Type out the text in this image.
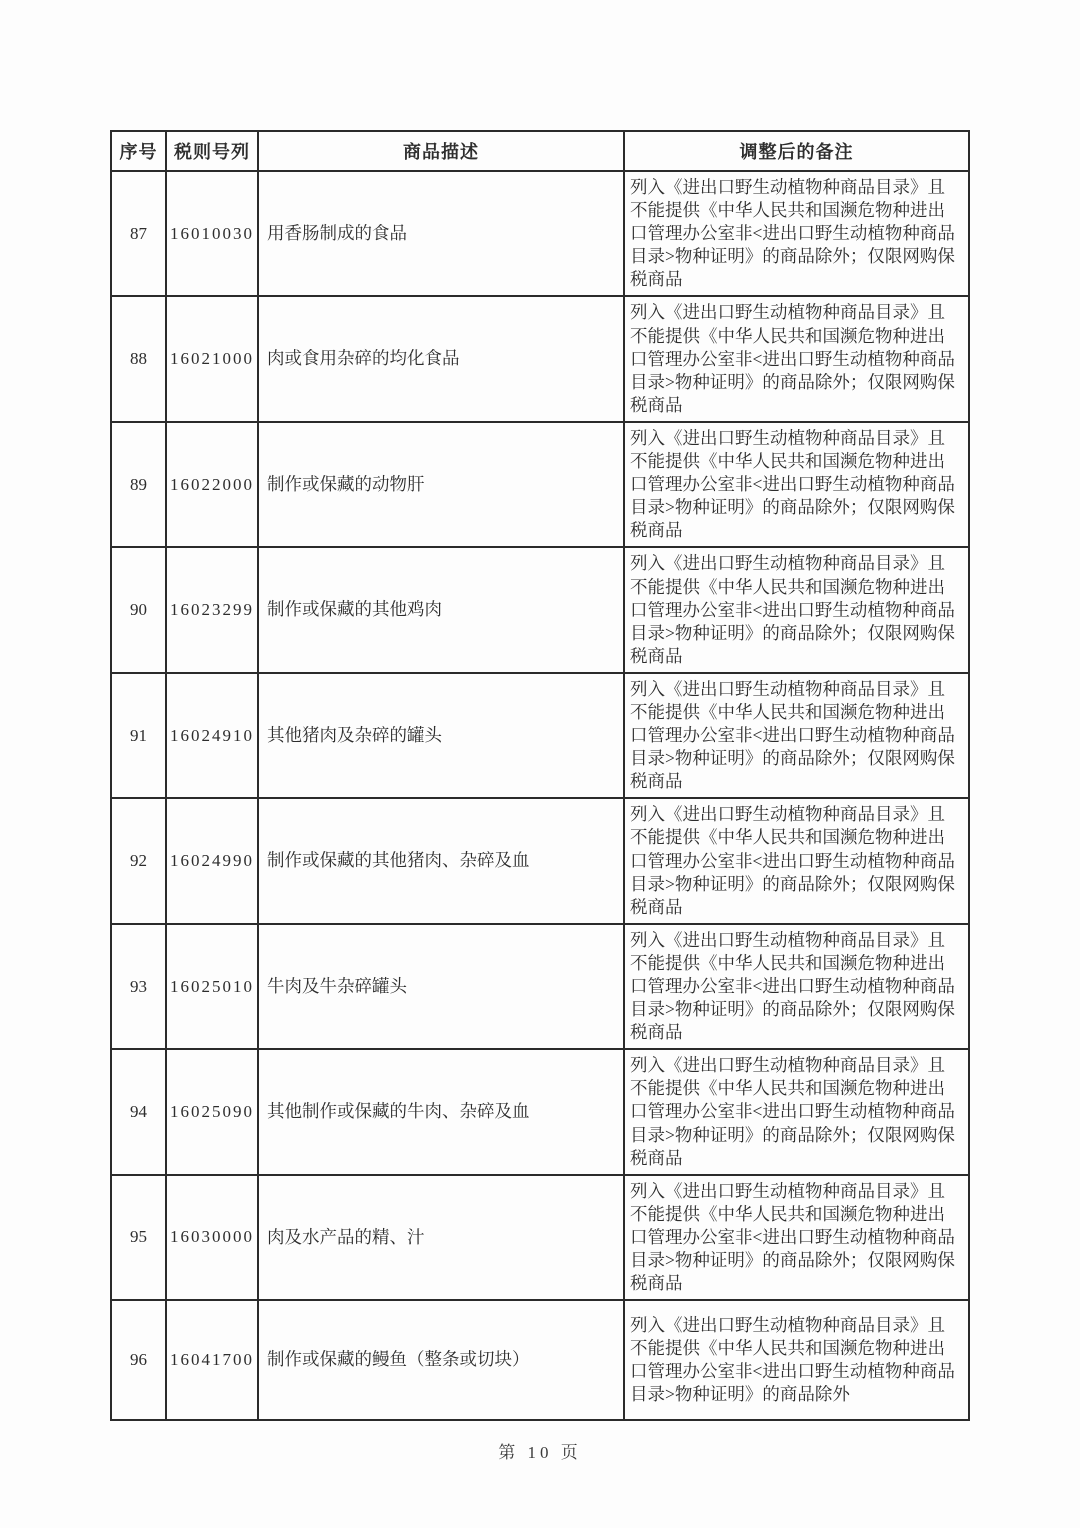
序号	税则号列	商品描述	调整后的备注
87	16010030	用香肠制成的食品	列入《进出口野生动植物种商品目录》且不能提供《中华人民共和国濒危物种进出口管理办公室非<进出口野生动植物种商品目录>物种证明》的商品除外；仅限网购保税商品
88	16021000	肉或食用杂碎的均化食品	列入《进出口野生动植物种商品目录》且不能提供《中华人民共和国濒危物种进出口管理办公室非<进出口野生动植物种商品目录>物种证明》的商品除外；仅限网购保税商品
89	16022000	制作或保藏的动物肝	列入《进出口野生动植物种商品目录》且不能提供《中华人民共和国濒危物种进出口管理办公室非<进出口野生动植物种商品目录>物种证明》的商品除外；仅限网购保税商品
90	16023299	制作或保藏的其他鸡肉	列入《进出口野生动植物种商品目录》且不能提供《中华人民共和国濒危物种进出口管理办公室非<进出口野生动植物种商品目录>物种证明》的商品除外；仅限网购保税商品
91	16024910	其他猪肉及杂碎的罐头	列入《进出口野生动植物种商品目录》且不能提供《中华人民共和国濒危物种进出口管理办公室非<进出口野生动植物种商品目录>物种证明》的商品除外；仅限网购保税商品
92	16024990	制作或保藏的其他猪肉、杂碎及血	列入《进出口野生动植物种商品目录》且不能提供《中华人民共和国濒危物种进出口管理办公室非<进出口野生动植物种商品目录>物种证明》的商品除外；仅限网购保税商品
93	16025010	牛肉及牛杂碎罐头	列入《进出口野生动植物种商品目录》且不能提供《中华人民共和国濒危物种进出口管理办公室非<进出口野生动植物种商品目录>物种证明》的商品除外；仅限网购保税商品
94	16025090	其他制作或保藏的牛肉、杂碎及血	列入《进出口野生动植物种商品目录》且不能提供《中华人民共和国濒危物种进出口管理办公室非<进出口野生动植物种商品目录>物种证明》的商品除外；仅限网购保税商品
95	16030000	肉及水产品的精、汁	列入《进出口野生动植物种商品目录》且不能提供《中华人民共和国濒危物种进出口管理办公室非<进出口野生动植物种商品目录>物种证明》的商品除外；仅限网购保税商品
96	16041700	制作或保藏的鳗鱼（整条或切块）	列入《进出口野生动植物种商品目录》且不能提供《中华人民共和国濒危物种进出口管理办公室非<进出口野生动植物种商品目录>物种证明》的商品除外
第 10 页
